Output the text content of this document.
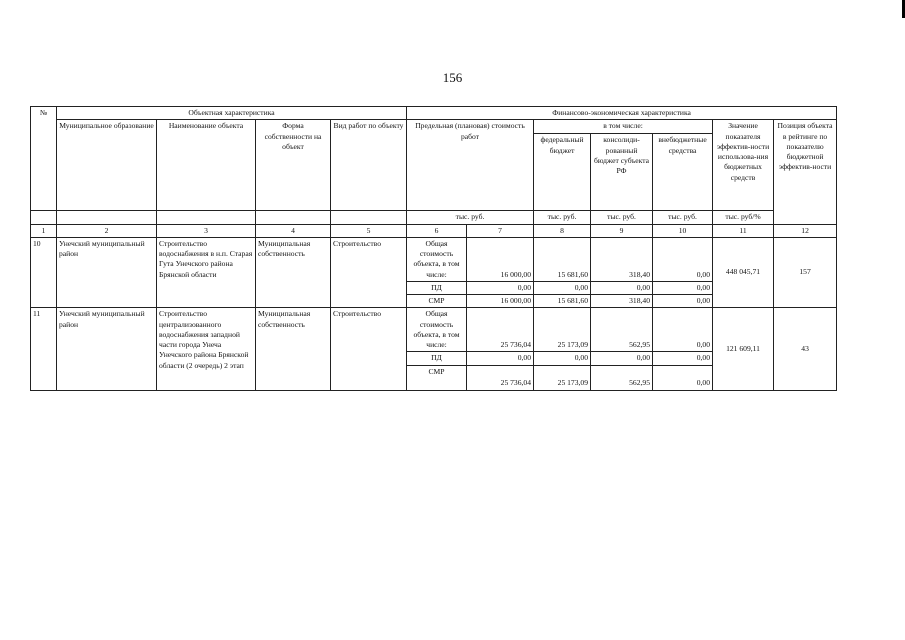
156
№	Объектная характеристика				Финансово-экономическая характеристика						
	Муниципальное образование	Наименование объекта	Форма собственности на объект	Вид работ по объекту	Предельная (плановая) стоимость работ		в том числе:			Значение показателя эффектив-ности использова-ния бюджетных средств	Позиция объекта в рейтинге по показателю бюджетной эффектив-ности
							федеральный бюджет	консолиди-рованный бюджет субъекта РФ	внебюджетные средства		
					тыс. руб.		тыс. руб.	тыс. руб.	тыс. руб.	тыс. руб/%	
1	2	3	4	5	6	7	8	9	10	11	12
10	Унечский муниципальный район	Строительство водоснабжения в н.п. Старая Гута Унечского района Брянской области	Муниципальная собственность	Строительство	Общая стоимость объекта, в том числе:	16 000,00	15 681,60	318,40	0,00	448 045,71	157
					ПД	0,00	0,00	0,00	0,00		
					СМР	16 000,00	15 681,60	318,40	0,00		
11	Унечский муниципальный район	Строительство централизованного водоснабжения западной части города Унеча Унечского района Брянской области (2 очередь) 2 этап	Муниципальная собственность	Строительство	Общая стоимость объекта, в том числе:	25 736,04	25 173,09	562,95	0,00	121 609,11	43
					ПД	0,00	0,00	0,00	0,00		
					СМР	25 736,04	25 173,09	562,95	0,00		
